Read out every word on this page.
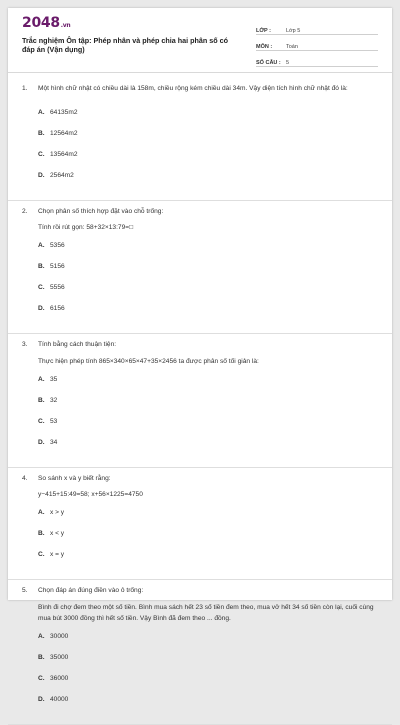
2048.vn
Trắc nghiệm Ôn tập: Phép nhân và phép chia hai phân số có đáp án (Vận dụng)
LỚP :	Lớp 5
MÔN :	Toán
SỐ CÂU : 5
1.	Một hình chữ nhật có chiều dài là 158m, chiều rộng kém chiều dài 34m. Vậy diện tích hình chữ nhật đó là:
A. 64135m2
B. 12564m2
C. 13564m2
D. 2564m2
2.	Chọn phân số thích hợp đặt vào chỗ trống:
Tính rồi rút gọn: 58+32×13:79=□
A. 5356
B. 5156
C. 5556
D. 6156
3.	Tính bằng cách thuận tiện:
Thực hiện phép tính 865×340×65×47+35×2456 ta được phân số tối giản là:
A. 35
B. 32
C. 53
D. 34
4.	So sánh x và y biết rằng:
y−415+15:49=58; x+56×1225=4750
A. x > y
B. x < y
C. x = y
5.	Chọn đáp án đúng điền vào ô trống:
Bình đi chợ đem theo một số tiền. Bình mua sách hết 23 số tiền đem theo, mua vở hết 34 số tiền còn lại, cuối cùng mua bút 3000 đồng thì hết số tiền. Vậy Bình đã đem theo ... đồng.
A. 30000
B. 35000
C. 36000
D. 40000
